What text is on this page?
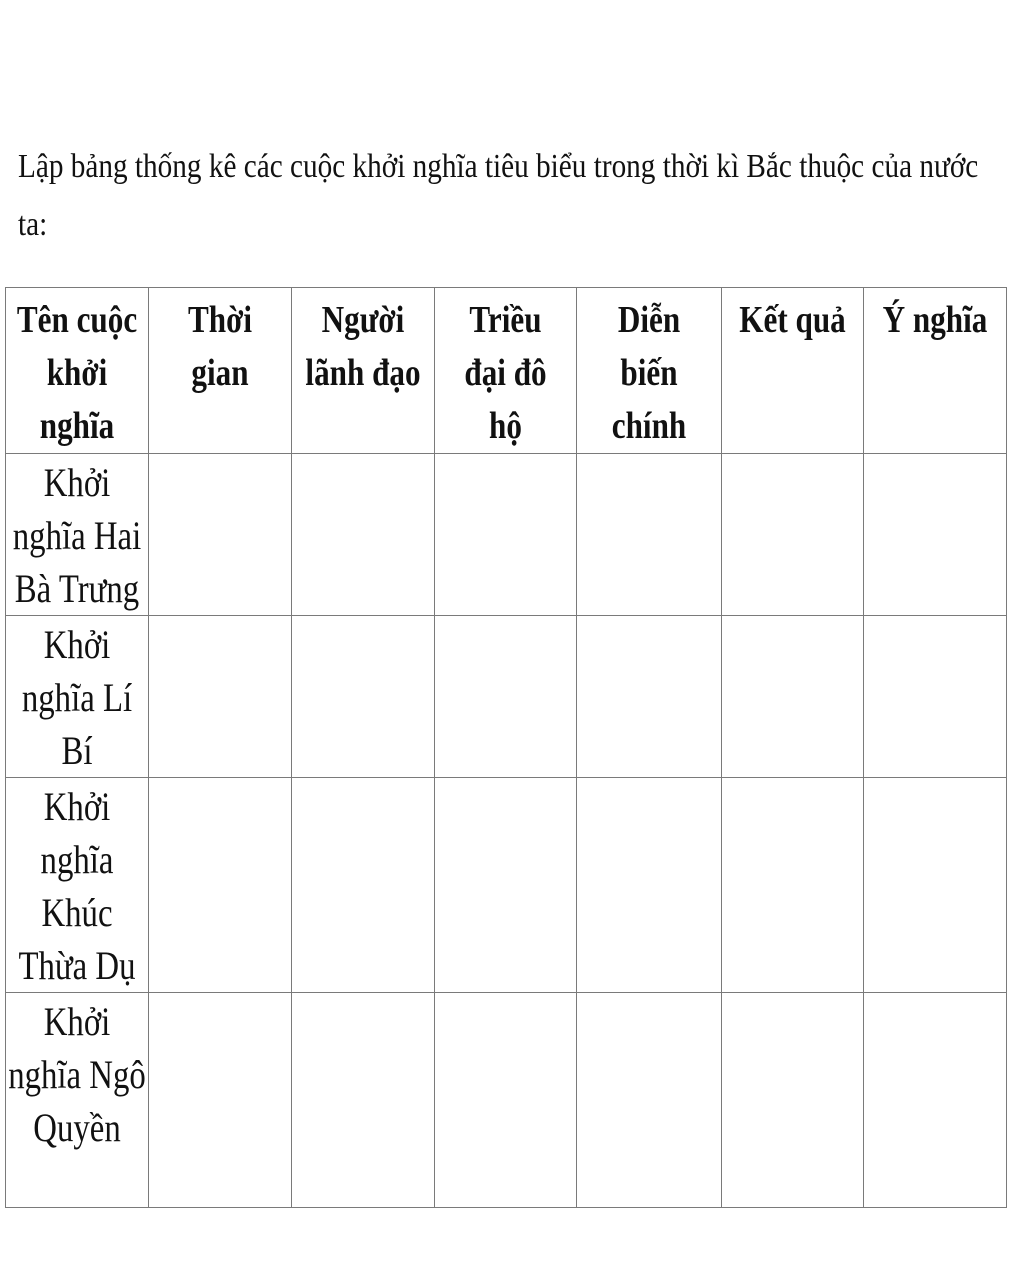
Lập bảng thống kê các cuộc khởi nghĩa tiêu biểu trong thời kì Bắc thuộc của nước ta:
Tên cuộc khởi nghĩa	Thời gian	Người lãnh đạo	Triều đại đô hộ	Diễn biến chính	Kết quả	Ý nghĩa

Khởi nghĩa Hai Bà Trưng						

Khởi nghĩa Lí Bí						

Khởi nghĩa Khúc Thừa Dụ						

Khởi nghĩa Ngô Quyền						
